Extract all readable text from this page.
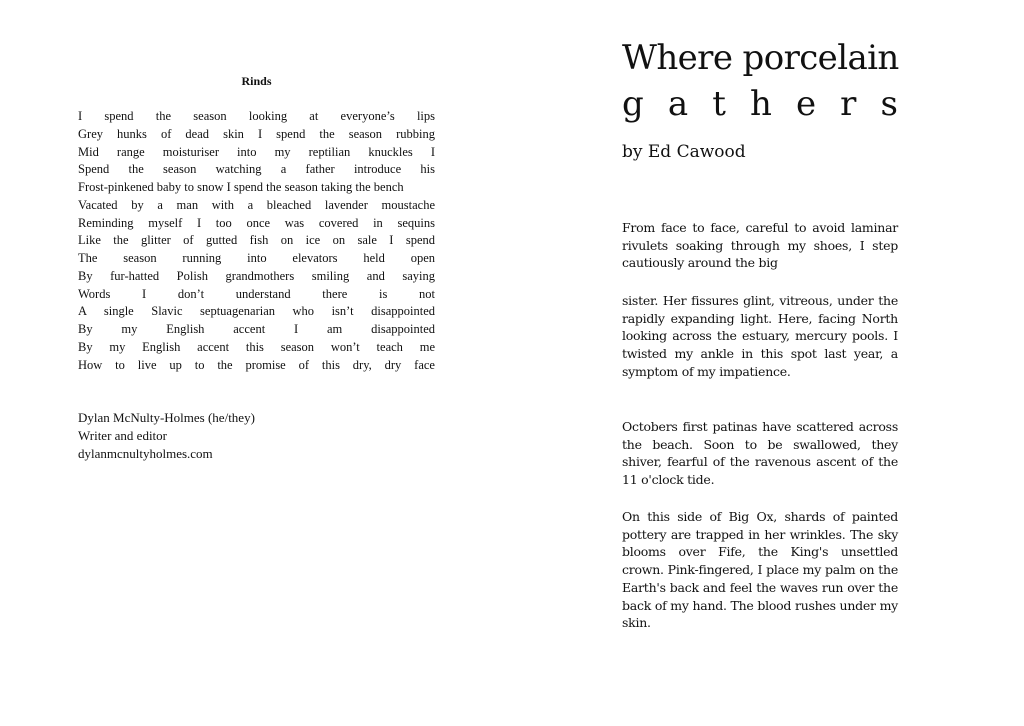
Rinds
I spend the season looking at everyone’s lips
Grey hunks of dead skin I spend the season rubbing
Mid range moisturiser into my reptilian knuckles I
Spend the season watching a father introduce his
Frost-pinkened baby to snow I spend the season taking the bench
Vacated by a man with a bleached lavender moustache
Reminding myself I too once was covered in sequins
Like the glitter of gutted fish on ice on sale I spend
The season running into elevators held open
By fur-hatted Polish grandmothers smiling and saying
Words I don’t understand there is not
A single Slavic septuagenarian who isn’t disappointed
By my English accent I am disappointed
By my English accent this season won’t teach me
How to live up to the promise of this dry, dry face
Dylan McNulty-Holmes (he/they)
Writer and editor
dylanmcnultyholmes.com
Where porcelain
g a t h e r s
by Ed Cawood
From face to face, careful to avoid laminar rivulets soaking through my shoes, I step cautiously around the big
sister. Her fissures glint, vitreous, under the rapidly expanding light. Here, facing North looking across the estuary, mercury pools. I twisted my ankle in this spot last year, a symptom of my impatience.
Octobers first patinas have scattered across the beach. Soon to be swallowed, they shiver, fearful of the ravenous ascent of the 11 o'clock tide.
On this side of Big Ox, shards of painted pottery are trapped in her wrinkles. The sky blooms over Fife, the King's unsettled crown. Pink-fingered, I place my palm on the Earth's back and feel the waves run over the back of my hand. The blood rushes under my skin.
